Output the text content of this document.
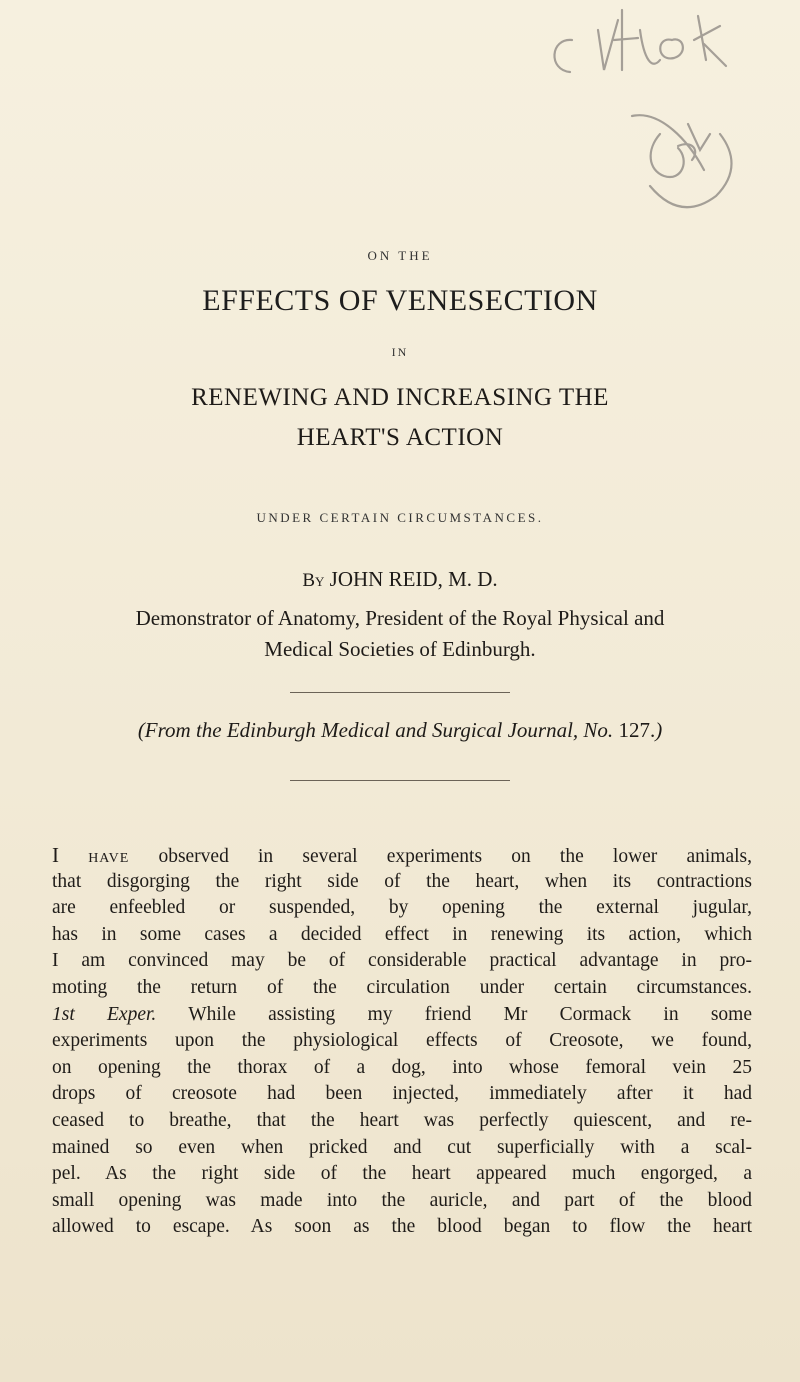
ON THE
EFFECTS OF VENESECTION
IN
RENEWING AND INCREASING THE
HEART'S ACTION
UNDER CERTAIN CIRCUMSTANCES.
By JOHN REID, M. D.
Demonstrator of Anatomy, President of the Royal Physical and
Medical Societies of Edinburgh.
(From the Edinburgh Medical and Surgical Journal, No. 127.)
I have observed in several experiments on the lower animals,
that disgorging the right side of the heart, when its contractions
are enfeebled or suspended, by opening the external jugular,
has in some cases a decided effect in renewing its action, which
I am convinced may be of considerable practical advantage in pro-
moting the return of the circulation under certain circumstances.
1st Exper. While assisting my friend Mr Cormack in some
experiments upon the physiological effects of Creosote, we found,
on opening the thorax of a dog, into whose femoral vein 25
drops of creosote had been injected, immediately after it had
ceased to breathe, that the heart was perfectly quiescent, and re-
mained so even when pricked and cut superficially with a scal-
pel. As the right side of the heart appeared much engorged, a
small opening was made into the auricle, and part of the blood
allowed to escape. As soon as the blood began to flow the heart
